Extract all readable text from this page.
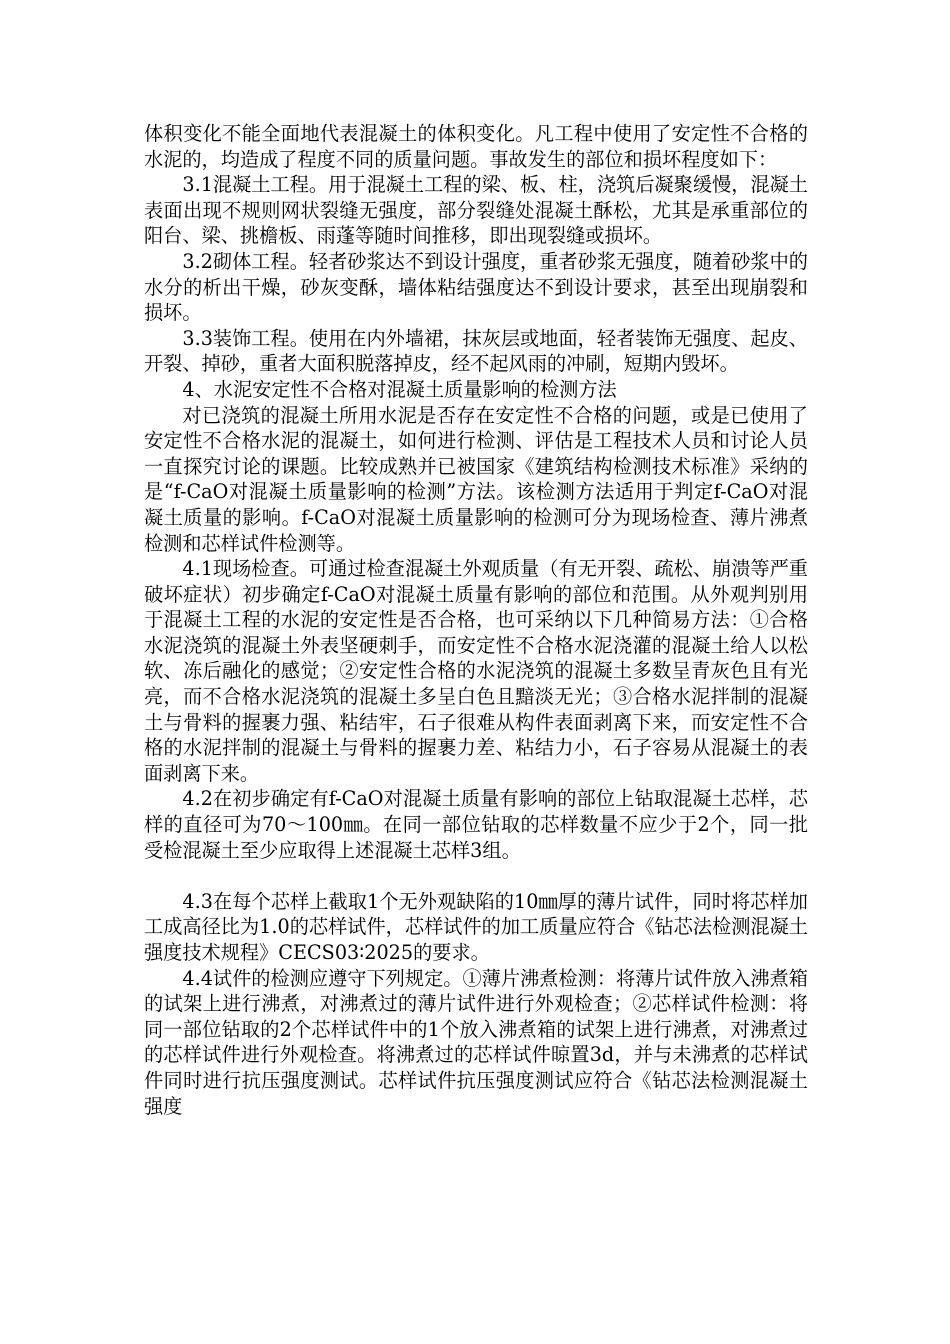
体积变化不能全面地代表混凝土的体积变化。凡工程中使用了安定性不合格的水泥的，均造成了程度不同的质量问题。事故发生的部位和损坏程度如下：

3.1混凝土工程。用于混凝土工程的梁、板、柱，浇筑后凝聚缓慢，混凝土表面出现不规则网状裂缝无强度，部分裂缝处混凝土酥松，尤其是承重部位的阳台、梁、挑檐板、雨蓬等随时间推移，即出现裂缝或损坏。

3.2砌体工程。轻者砂浆达不到设计强度，重者砂浆无强度，随着砂浆中的水分的析出干燥，砂灰变酥，墙体粘结强度达不到设计要求，甚至出现崩裂和损坏。

3.3装饰工程。使用在内外墙裙，抹灰层或地面，轻者装饰无强度、起皮、开裂、掉砂，重者大面积脱落掉皮，经不起风雨的冲刷，短期内毁坏。

4、水泥安定性不合格对混凝土质量影响的检测方法

对已浇筑的混凝土所用水泥是否存在安定性不合格的问题，或是已使用了安定性不合格水泥的混凝土，如何进行检测、评估是工程技术人员和讨论人员一直探究讨论的课题。比较成熟并已被国家《建筑结构检测技术标准》采纳的是“f-CaO对混凝土质量影响的检测”方法。该检测方法适用于判定f-CaO对混凝土质量的影响。f-CaO对混凝土质量影响的检测可分为现场检查、薄片沸煮检测和芯样试件检测等。

4.1现场检查。可通过检查混凝土外观质量（有无开裂、疏松、崩溃等严重破坏症状）初步确定f-CaO对混凝土质量有影响的部位和范围。从外观判别用于混凝土工程的水泥的安定性是否合格，也可采纳以下几种简易方法：①合格水泥浇筑的混凝土外表坚硬刺手，而安定性不合格水泥浇灌的混凝土给人以松软、冻后融化的感觉；②安定性合格的水泥浇筑的混凝土多数呈青灰色且有光亮，而不合格水泥浇筑的混凝土多呈白色且黯淡无光；③合格水泥拌制的混凝土与骨料的握裹力强、粘结牢，石子很难从构件表面剥离下来，而安定性不合格的水泥拌制的混凝土与骨料的握裹力差、粘结力小，石子容易从混凝土的表面剥离下来。

4.2在初步确定有f-CaO对混凝土质量有影响的部位上钻取混凝土芯样，芯样的直径可为70～100㎜。在同一部位钻取的芯样数量不应少于2个，同一批受检混凝土至少应取得上述混凝土芯样3组。

4.3在每个芯样上截取1个无外观缺陷的10㎜厚的薄片试件，同时将芯样加工成高径比为1.0的芯样试件，芯样试件的加工质量应符合《钻芯法检测混凝土强度技术规程》CECS03∶2025的要求。

4.4试件的检测应遵守下列规定。①薄片沸煮检测：将薄片试件放入沸煮箱的试架上进行沸煮，对沸煮过的薄片试件进行外观检查；②芯样试件检测：将同一部位钻取的2个芯样试件中的1个放入沸煮箱的试架上进行沸煮，对沸煮过的芯样试件进行外观检查。将沸煮过的芯样试件晾置3d，并与未沸煮的芯样试件同时进行抗压强度测试。芯样试件抗压强度测试应符合《钻芯法检测混凝土强度
